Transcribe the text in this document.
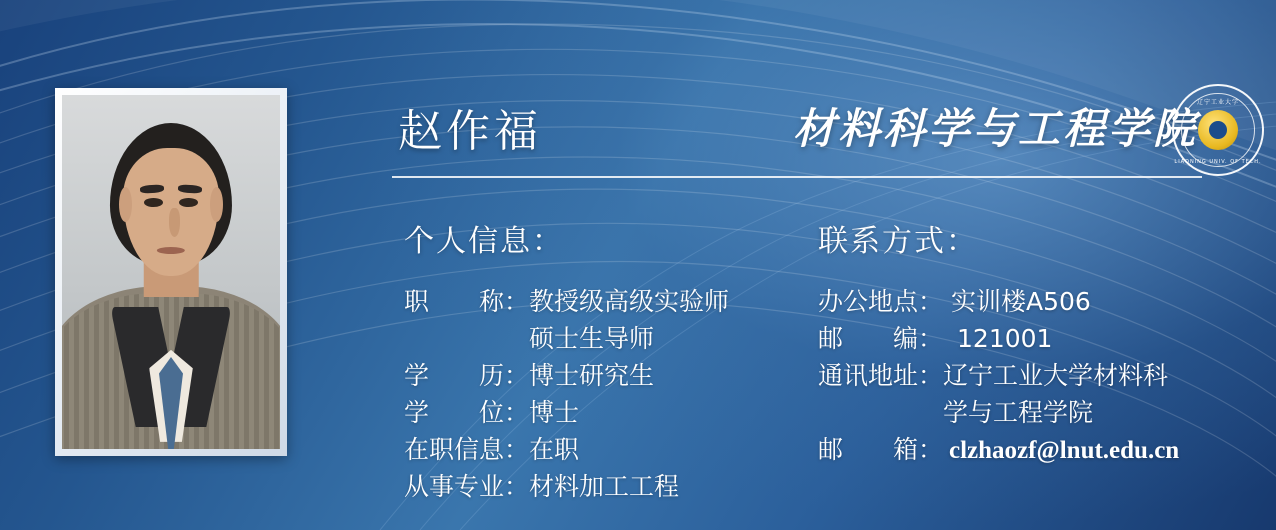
赵作福	材料科学与工程学院
辽宁工业大学
LIAONING UNIV. OF TECH.
个人信息：	联系方式：
职　　称： 教授级高级实验师
硕士生导师
学　　历： 博士研究生
学　　位： 博士
在职信息： 在职
从事专业： 材料加工工程
办公地点： 实训楼A506
邮　　编： 121001
通讯地址： 辽宁工业大学材料科
学与工程学院
邮　　箱： clzhaozf@lnut.edu.cn
